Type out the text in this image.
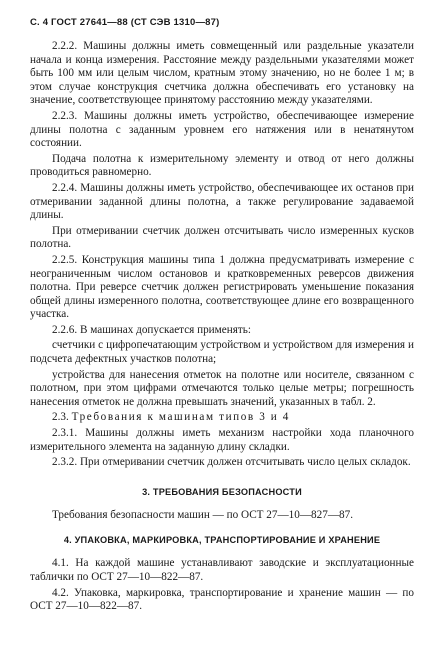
С. 4 ГОСТ 27641—88 (СТ СЭВ 1310—87)

2.2.2. Машины должны иметь совмещенный или раздельные указатели начала и конца измерения. Расстояние между раздельными указателями может быть 100 мм или целым числом, кратным этому значению, но не более 1 м; в этом случае конструкция счетчика должна обеспечивать его установку на значение, соответствующее принятому расстоянию между указателями.

2.2.3. Машины должны иметь устройство, обеспечивающее измерение длины полотна с заданным уровнем его натяжения или в ненатянутом состоянии.

Подача полотна к измерительному элементу и отвод от него должны проводиться равномерно.

2.2.4. Машины должны иметь устройство, обеспечивающее их останов при отмеривании заданной длины полотна, а также регулирование задаваемой длины.

При отмеривании счетчик должен отсчитывать число измеренных кусков полотна.

2.2.5. Конструкция машины типа 1 должна предусматривать измерение с неограниченным числом остановов и кратковременных реверсов движения полотна. При реверсе счетчик должен регистрировать уменьшение показания общей длины измеренного полотна, соответствующее длине его возвращенного участка.

2.2.6. В машинах допускается применять:

счетчики с цифропечатающим устройством и устройством для измерения и подсчета дефектных участков полотна;

устройства для нанесения отметок на полотне или носителе, связанном с полотном, при этом цифрами отмечаются только целые метры; погрешность нанесения отметок не должна превышать значений, указанных в табл. 2.

2.3. Требования к машинам типов 3 и 4

2.3.1. Машины должны иметь механизм настройки хода планочного измерительного элемента на заданную длину складки.

2.3.2. При отмеривании счетчик должен отсчитывать число целых складок.

3. ТРЕБОВАНИЯ БЕЗОПАСНОСТИ

Требования безопасности машин — по ОСТ 27—10—827—87.

4. УПАКОВКА, МАРКИРОВКА, ТРАНСПОРТИРОВАНИЕ И ХРАНЕНИЕ

4.1. На каждой машине устанавливают заводские и эксплуатационные таблички по ОСТ 27—10—822—87.

4.2. Упаковка, маркировка, транспортирование и хранение машин — по ОСТ 27—10—822—87.
